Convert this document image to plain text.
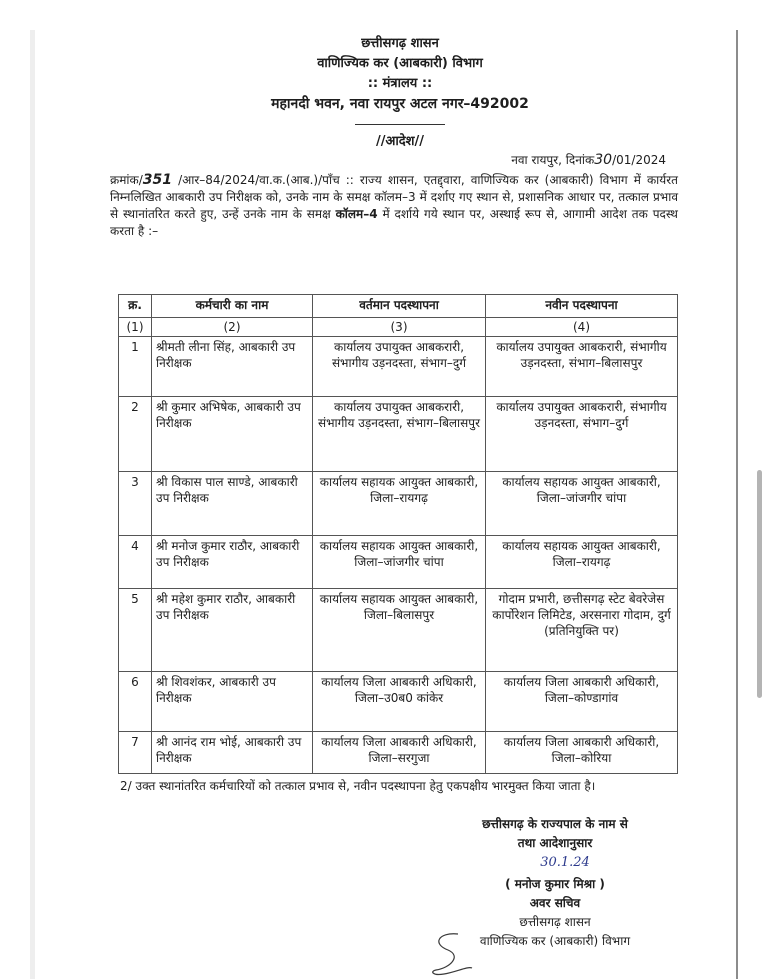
छत्तीसगढ़ शासन
वाणिज्यिक कर (आबकारी) विभाग
:: मंत्रालय ::
महानदी भवन, नवा रायपुर अटल नगर–492002
//आदेश//
नवा रायपुर, दिनांक30/01/2024
क्रमांक/351 /आर–84/2024/वा.क.(आब.)/पाँच :: राज्य शासन, एतद्द्वारा, वाणिज्यिक कर (आबकारी) विभाग में कार्यरत निम्नलिखित आबकारी उप निरीक्षक को, उनके नाम के समक्ष कॉलम–3 में दर्शाए गए स्थान से, प्रशासनिक आधार पर, तत्काल प्रभाव से स्थानांतरित करते हुए, उन्हें उनके नाम के समक्ष कॉलम–4 में दर्शाये गये स्थान पर, अस्थाई रूप से, आगामी आदेश तक पदस्थ करता है :–
क्र.	कर्मचारी का नाम	वर्तमान पदस्थापना	नवीन पदस्थापना
(1)	(2)	(3)	(4)
1	श्रीमती लीना सिंह, आबकारी उप निरीक्षक	कार्यालय उपायुक्त आबकरारी, संभागीय उड़नदस्ता, संभाग–दुर्ग	कार्यालय उपायुक्त आबकरारी, संभागीय उड़नदस्ता, संभाग–बिलासपुर
2	श्री कुमार अभिषेक, आबकारी उप निरीक्षक	कार्यालय उपायुक्त आबकरारी, संभागीय उड़नदस्ता, संभाग–बिलासपुर	कार्यालय उपायुक्त आबकरारी, संभागीय उड़नदस्ता, संभाग–दुर्ग
3	श्री विकास पाल साण्डे, आबकारी उप निरीक्षक	कार्यालय सहायक आयुक्त आबकारी, जिला–रायगढ़	कार्यालय सहायक आयुक्त आबकारी, जिला–जांजगीर चांपा
4	श्री मनोज कुमार राठौर, आबकारी उप निरीक्षक	कार्यालय सहायक आयुक्त आबकारी, जिला–जांजगीर चांपा	कार्यालय सहायक आयुक्त आबकारी, जिला–रायगढ़
5	श्री महेश कुमार राठौर, आबकारी उप निरीक्षक	कार्यालय सहायक आयुक्त आबकारी, जिला–बिलासपुर	गोदाम प्रभारी, छत्तीसगढ़ स्टेट बेवरेजेस कार्पोरेशन लिमिटेड, अरसनारा गोदाम, दुर्ग (प्रतिनियुक्ति पर)
6	श्री शिवशंकर, आबकारी उप निरीक्षक	कार्यालय जिला आबकारी अधिकारी, जिला–उ0ब0 कांकेर	कार्यालय जिला आबकारी अधिकारी, जिला–कोण्डागांव
7	श्री आनंद राम भोई, आबकारी उप निरीक्षक	कार्यालय जिला आबकारी अधिकारी, जिला–सरगुजा	कार्यालय जिला आबकारी अधिकारी, जिला–कोरिया
2/ उक्त स्थानांतरित कर्मचारियों को तत्काल प्रभाव से, नवीन पदस्थापना हेतु एकपक्षीय भारमुक्त किया जाता है।
छत्तीसगढ़ के राज्यपाल के नाम से
तथा आदेशानुसार
30.1.24
( मनोज कुमार मिश्रा )
अवर सचिव
छत्तीसगढ़ शासन
वाणिज्यिक कर (आबकारी) विभाग
